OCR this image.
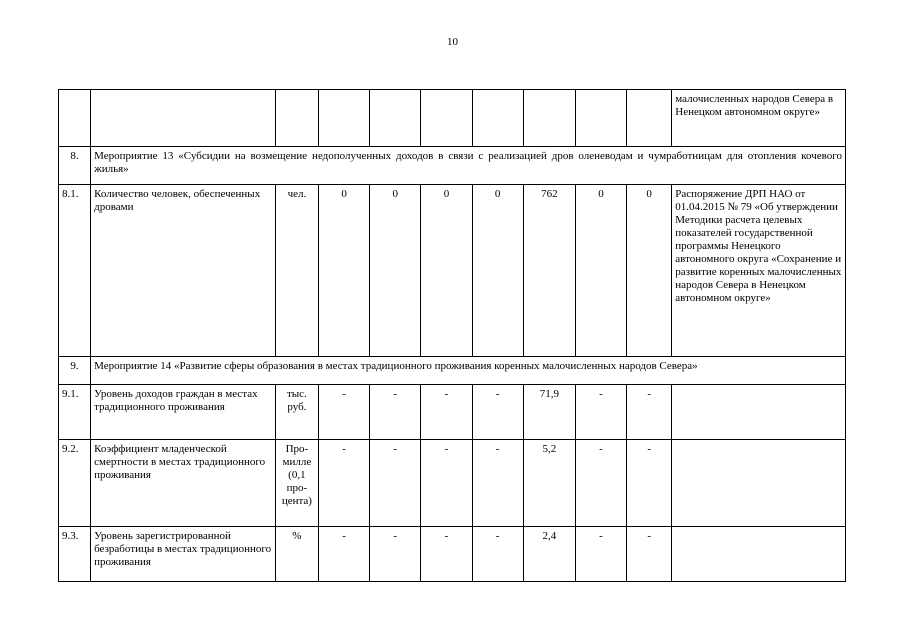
10
										малочисленных народов Севера в Ненецком автономном округе»
8.	Мероприятие 13 «Субсидии на возмещение недополученных доходов в связи с реализацией дров оленеводам и чумработницам для отопления кочевого жилья»									
8.1.	Количество человек, обеспеченных дровами	чел.	0	0	0	0	762	0	0	Распоряжение ДРП НАО от 01.04.2015 № 79 «Об утверждении Методики расчета целевых показателей государственной программы Ненецкого автономного округа «Сохранение и развитие коренных малочисленных народов Севера в Ненецком автономном округе»
9.	Мероприятие 14 «Развитие сферы образования в местах традиционного проживания коренных малочисленных народов Севера»									
9.1.	Уровень доходов граждан в местах традиционного проживания	тыс. руб.	-	-	-	-	71,9	-	-	
9.2.	Коэффициент младенческой смертности в местах традиционного проживания	Про-милле (0,1 про-цента)	-	-	-	-	5,2	-	-	
9.3.	Уровень зарегистрированной безработицы в местах традиционного проживания	%	-	-	-	-	2,4	-	-	
